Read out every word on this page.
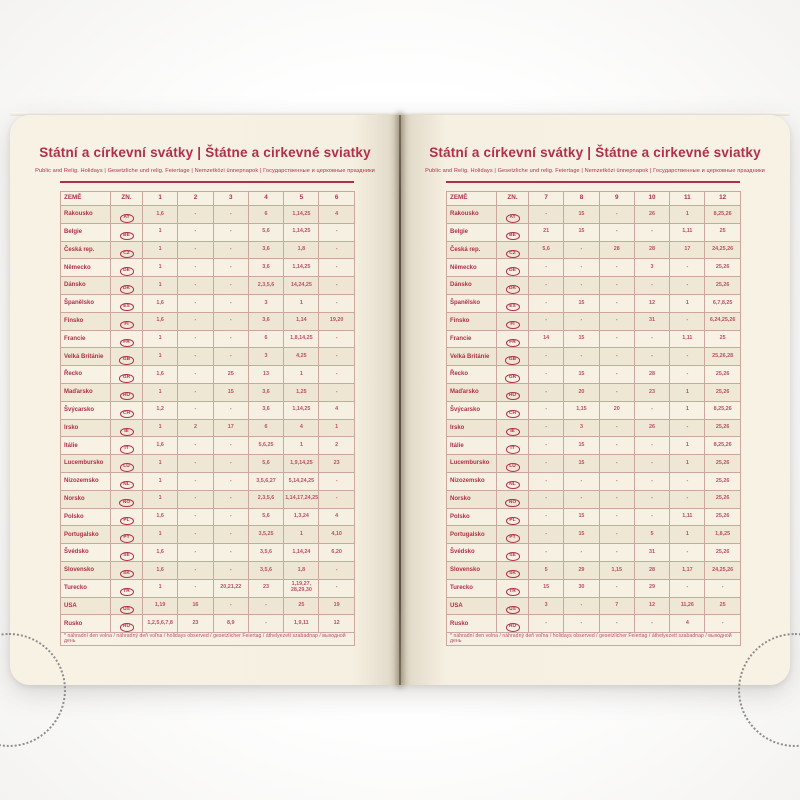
Státní a církevní svátky | Štátne a cirkevné sviatky
Public and Relig. Holidays | Gesetzliche und relig. Feiertage | Nemzetközi ünnepnapok | Государственные и церковные праздники
ZEMĚ	ZN.	1	2	3	4	5	6
Rakousko	AT	1,6	-	-	6	1,14,25	4
Belgie	BE	1	-	-	5,6	1,14,25	-
Česká rep.	CZ	1	-	-	3,6	1,8	-
Německo	DE	1	-	-	3,6	1,14,25	-
Dánsko	DK	1	-	-	2,3,5,6	14,24,25	-
Španělsko	ES	1,6	-	-	3	1	-
Finsko	FI	1,6	-	-	3,6	1,14	19,20
Francie	FR	1	-	-	6	1,8,14,25	-
Velká Británie	GB	1	-	-	3	4,25	-
Řecko	GR	1,6	-	25	13	1	-
Maďarsko	HU	1	-	15	3,6	1,25	-
Švýcarsko	CH	1,2	-	-	3,6	1,14,25	4
Irsko	IE	1	2	17	6	4	1
Itálie	IT	1,6	-	-	5,6,25	1	2
Lucembursko	LU	1	-	-	5,6	1,9,14,25	23
Nizozemsko	NL	1	-	-	3,5,6,27	5,14,24,25	-
Norsko	NO	1	-	-	2,3,5,6	1,14,17,24,25	-
Polsko	PL	1,6	-	-	5,6	1,3,24	4
Portugalsko	PT	1	-	-	3,5,25	1	4,10
Švédsko	SE	1,6	-	-	3,5,6	1,14,24	6,20
Slovensko	SK	1,6	-	-	3,5,6	1,8	-
Turecko	TR	1	-	20,21,22	23	1,19,27, 28,29,30	-
USA	US	1,19	16	-	-	25	19
Rusko	RU	1,2,5,6,7,8	23	8,9	-	1,9,11	12
* náhradní den volna / náhradný deň voľna / holidays observed / gesetzlicher Feiertag / áthelyezett szabadnap / выходной день							
Státní a církevní svátky | Štátne a cirkevné sviatky
Public and Relig. Holidays | Gesetzliche und relig. Feiertage | Nemzetközi ünnepnapok | Государственные и церковные праздники
ZEMĚ	ZN.	7	8	9	10	11	12
Rakousko	AT	-	15	-	26	1	8,25,26
Belgie	BE	21	15	-	-	1,11	25
Česká rep.	CZ	5,6	-	28	28	17	24,25,26
Německo	DE	-	-	-	3	-	25,26
Dánsko	DK	-	-	-	-	-	25,26
Španělsko	ES	-	15	-	12	1	6,7,8,25
Finsko	FI	-	-	-	31	-	6,24,25,26
Francie	FR	14	15	-	-	1,11	25
Velká Británie	GB	-	-	-	-	-	25,26,28
Řecko	GR	-	15	-	28	-	25,26
Maďarsko	HU	-	20	-	23	1	25,26
Švýcarsko	CH	-	1,15	20	-	1	8,25,26
Irsko	IE	-	3	-	26	-	25,26
Itálie	IT	-	15	-	-	1	8,25,26
Lucembursko	LU	-	15	-	-	1	25,26
Nizozemsko	NL	-	-	-	-	-	25,26
Norsko	NO	-	-	-	-	-	25,26
Polsko	PL	-	15	-	-	1,11	25,26
Portugalsko	PT	-	15	-	5	1	1,8,25
Švédsko	SE	-	-	-	31	-	25,26
Slovensko	SK	5	29	1,15	28	1,17	24,25,26
Turecko	TR	15	30	-	29	-	-
USA	US	3	-	7	12	11,26	25
Rusko	RU	-	-	-	-	4	-
* náhradní den volna / náhradný deň voľna / holidays observed / gesetzlicher Feiertag / áthelyezett szabadnap / выходной день							
